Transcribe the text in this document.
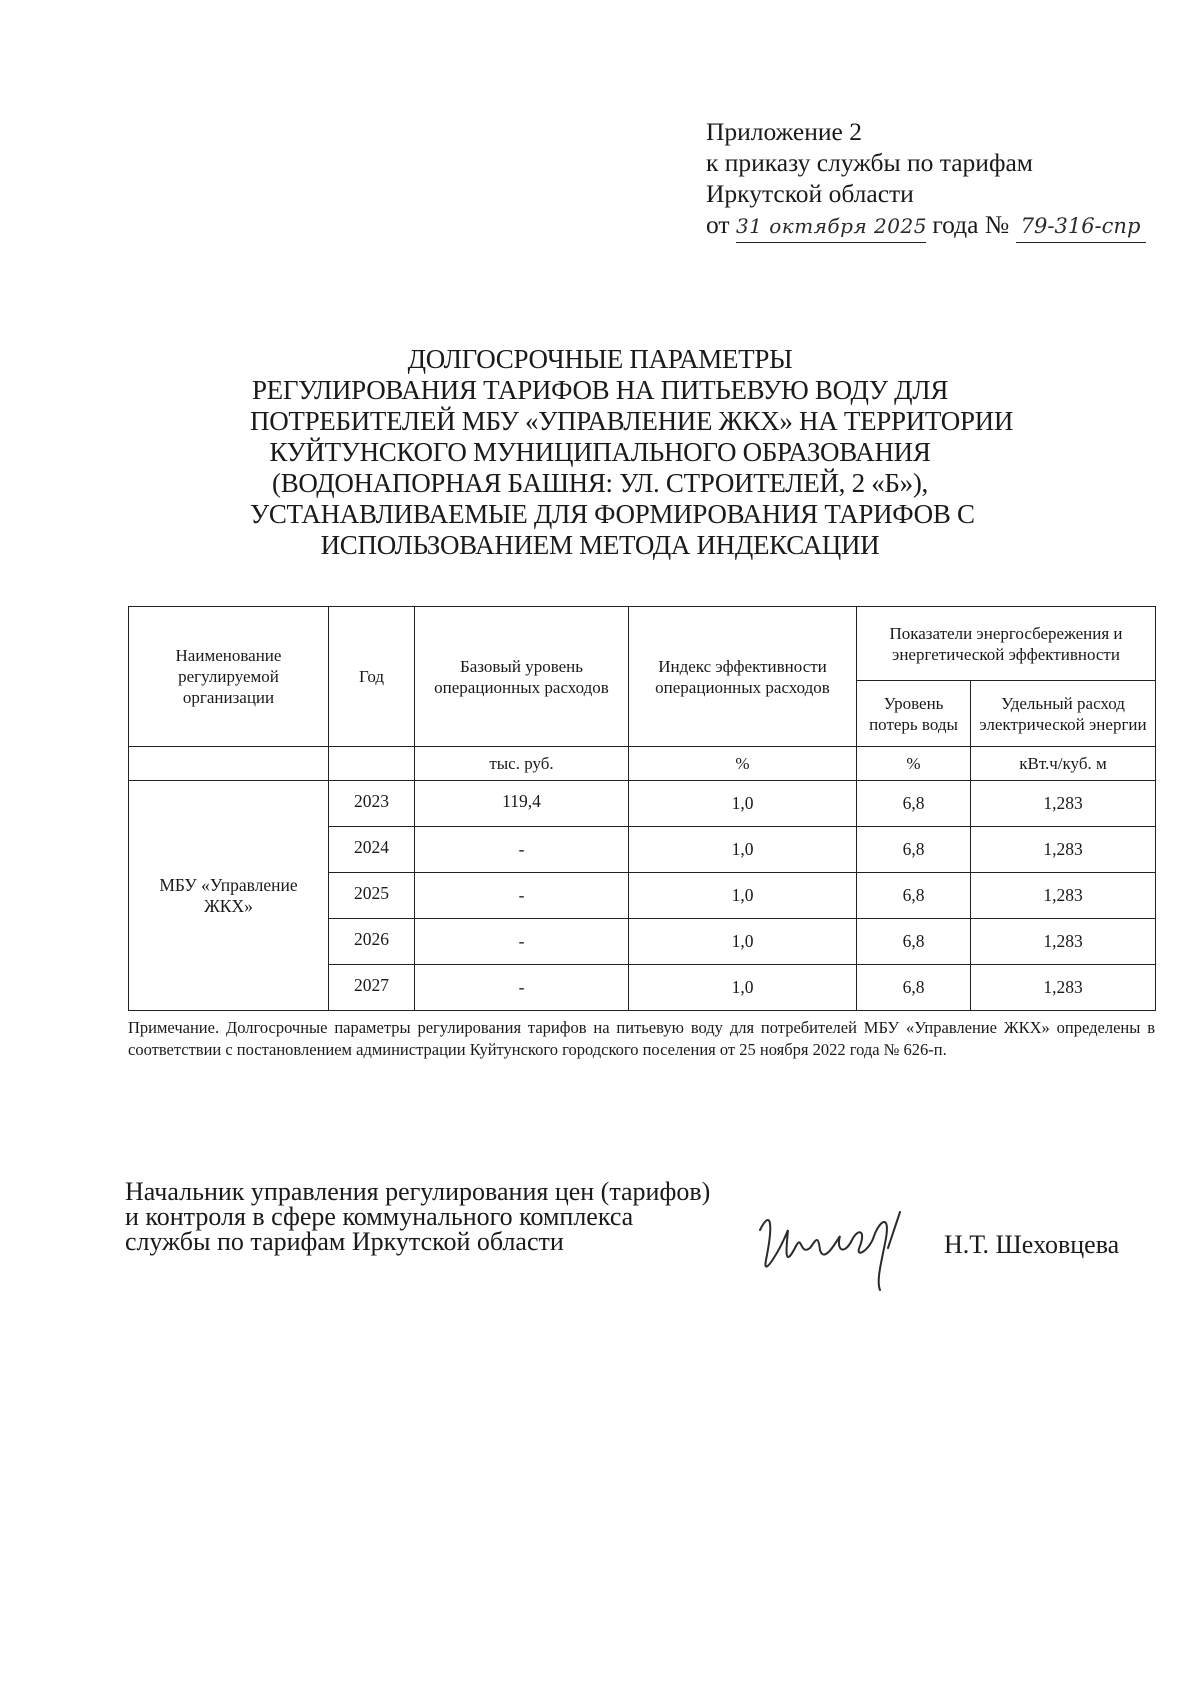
Приложение 2
к приказу службы по тарифам
Иркутской области
от 31 октября 2025 года № 79-316-спр
ДОЛГОСРОЧНЫЕ ПАРАМЕТРЫ
РЕГУЛИРОВАНИЯ ТАРИФОВ НА ПИТЬЕВУЮ ВОДУ ДЛЯ
ПОТРЕБИТЕЛЕЙ МБУ «УПРАВЛЕНИЕ ЖКХ» НА ТЕРРИТОРИИ
КУЙТУНСКОГО МУНИЦИПАЛЬНОГО ОБРАЗОВАНИЯ
(ВОДОНАПОРНАЯ БАШНЯ: УЛ. СТРОИТЕЛЕЙ, 2 «Б»),
УСТАНАВЛИВАЕМЫЕ ДЛЯ ФОРМИРОВАНИЯ ТАРИФОВ С
ИСПОЛЬЗОВАНИЕМ МЕТОДА ИНДЕКСАЦИИ
Наименование регулируемой организации	Год	Базовый уровень операционных расходов	Индекс эффективности операционных расходов	Показатели энергосбережения и энергетической эффективности	
				Уровень потерь воды	Удельный расход электрической энергии
		тыс. руб.	%	%	кВт.ч/куб. м
МБУ «Управление ЖКХ»	2023	119,4	1,0	6,8	1,283
	2024	-	1,0	6,8	1,283
	2025	-	1,0	6,8	1,283
	2026	-	1,0	6,8	1,283
	2027	-	1,0	6,8	1,283
Примечание. Долгосрочные параметры регулирования тарифов на питьевую воду для потребителей МБУ «Управление ЖКХ» определены в соответствии с постановлением администрации Куйтунского городского поселения от 25 ноября 2022 года № 626-п.
Начальник управления регулирования цен (тарифов)
и контроля в сфере коммунального комплекса
службы по тарифам Иркутской области	Н.Т. Шеховцева
